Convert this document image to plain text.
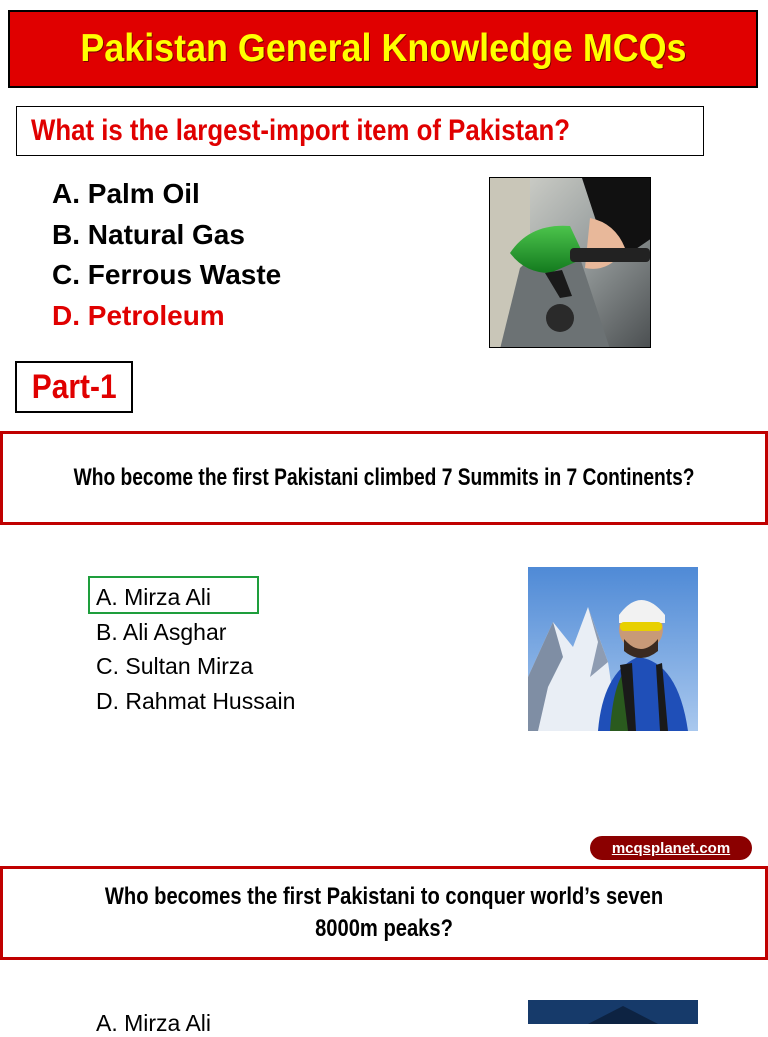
Pakistan General Knowledge MCQs
What is the largest-import item of Pakistan?
A. Palm Oil
B. Natural Gas
C. Ferrous Waste
D. Petroleum
Part-1
Who become the first Pakistani climbed 7 Summits in 7 Continents?
A. Mirza Ali
B. Ali Asghar
C. Sultan Mirza
D. Rahmat Hussain
mcqsplanet.com
Who becomes the first Pakistani to conquer world’s seven 8000m peaks?
A. Mirza Ali
